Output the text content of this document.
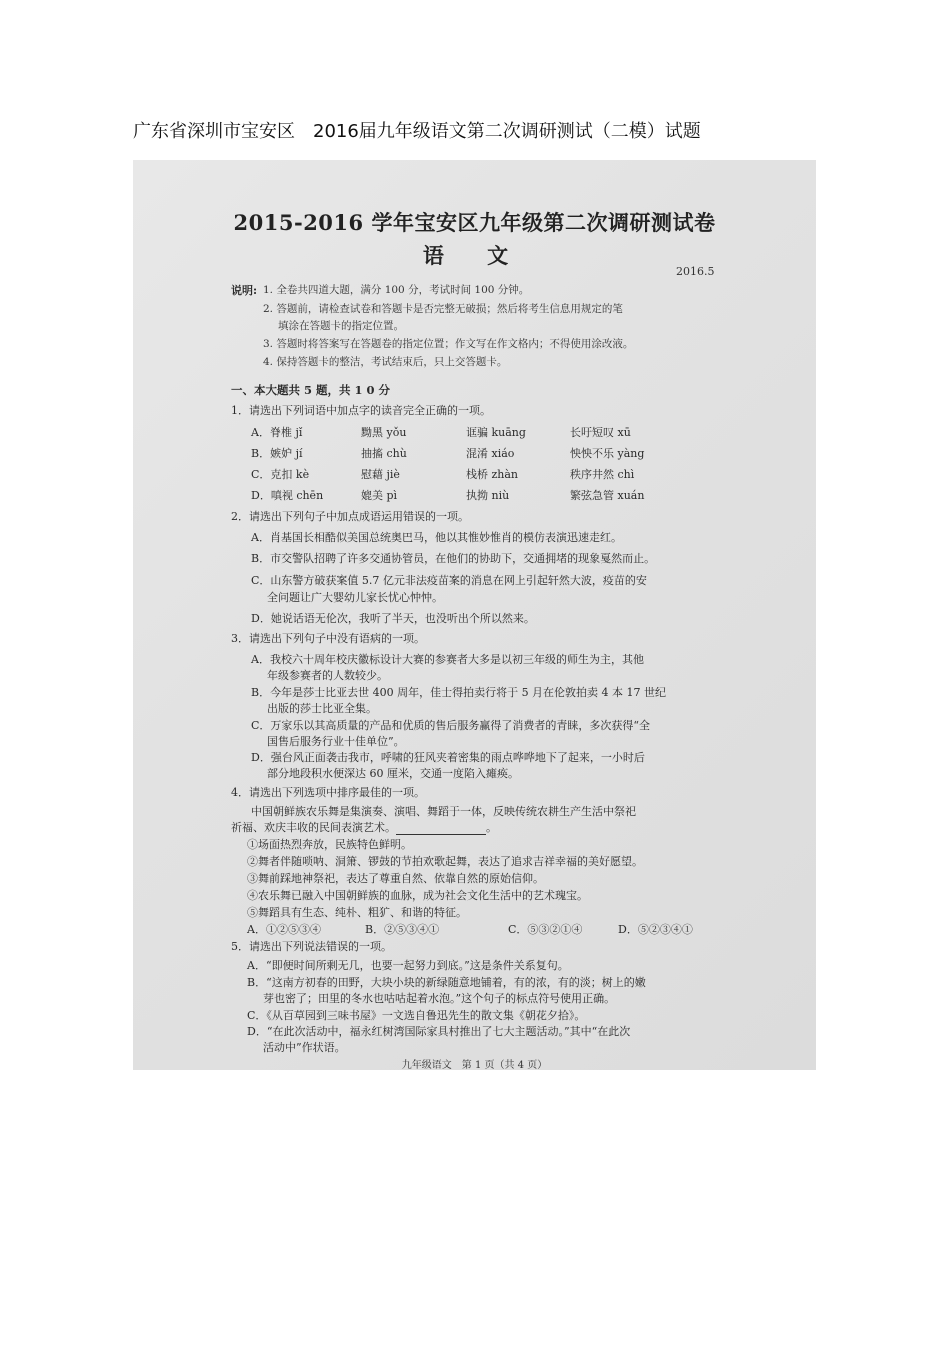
广东省深圳市宝安区　2016届九年级语文第二次调研测试（二模）试题
2015-2016 学年宝安区九年级第二次调研测试卷
语 文
2016.5
说明: 1. 全卷共四道大题，满分 100 分，考试时间 100 分钟。
2. 答题前，请检查试卷和答题卡是否完整无破损；然后将考生信息用规定的笔
填涂在答题卡的指定位置。
3. 答题时将答案写在答题卷的指定位置；作文写在作文格内；不得使用涂改液。
4. 保持答题卡的整洁，考试结束后，只上交答题卡。
一、本大题共 5 题，共 1 0 分
1．请选出下列词语中加点字的读音完全正确的一项。
A．脊椎 jǐ	黝黑 yǒu	诓骗 kuāng	长吁短叹 xū
B．嫉妒 jí	抽搐 chù	混淆 xiáo	怏怏不乐 yàng
C．克扣 kè	慰藉 jiè	栈桥 zhàn	秩序井然 chì
D．嗔视 chēn	媲美 pì	执拗 niù	繁弦急管 xuán
2．请选出下列句子中加点成语运用错误的一项。
A．肖基国长相酷似美国总统奥巴马，他以其惟妙惟肖的模仿表演迅速走红。
B．市交警队招聘了许多交通协管员，在他们的协助下，交通拥堵的现象戛然而止。
C．山东警方破获案值 5.7 亿元非法疫苗案的消息在网上引起轩然大波，疫苗的安
全问题让广大婴幼儿家长忧心忡忡。
D．她说话语无伦次，我听了半天，也没听出个所以然来。
3．请选出下列句子中没有语病的一项。
A．我校六十周年校庆徽标设计大赛的参赛者大多是以初三年级的师生为主，其他
年级参赛者的人数较少。
B．今年是莎士比亚去世 400 周年，佳士得拍卖行将于 5 月在伦敦拍卖 4 本 17 世纪
出版的莎士比亚全集。
C．万家乐以其高质量的产品和优质的售后服务赢得了消费者的青睐，多次获得“全
国售后服务行业十佳单位”。
D．强台风正面袭击我市，呼啸的狂风夹着密集的雨点哗哗地下了起来，一小时后
部分地段积水便深达 60 厘米，交通一度陷入瘫痪。
4．请选出下列选项中排序最佳的一项。
中国朝鲜族农乐舞是集演奏、演唱、舞蹈于一体，反映传统农耕生产生活中祭祀
祈福、欢庆丰收的民间表演艺术。	。
①场面热烈奔放，民族特色鲜明。
②舞者伴随唢呐、洞箫、锣鼓的节拍欢歌起舞，表达了追求吉祥幸福的美好愿望。
③舞前踩地神祭祀，表达了尊重自然、依靠自然的原始信仰。
④农乐舞已融入中国朝鲜族的血脉，成为社会文化生活中的艺术瑰宝。
⑤舞蹈具有生态、纯朴、粗犷、和谐的特征。
A．①②⑤③④	B．②⑤③④①	C．⑤③②①④	D．⑤②③④①
5．请选出下列说法错误的一项。
A．“即便时间所剩无几，也要一起努力到底。”这是条件关系复句。
B．“这南方初春的田野，大块小块的新绿随意地铺着，有的浓，有的淡；树上的嫩
芽也密了；田里的冬水也咕咕起着水泡。”这个句子的标点符号使用正确。
C．《从百草园到三味书屋》一文选自鲁迅先生的散文集《朝花夕拾》。
D．“在此次活动中，福永红树湾国际家具村推出了七大主题活动。”其中“在此次
活动中”作状语。
九年级语文　第 1 页（共 4 页）
